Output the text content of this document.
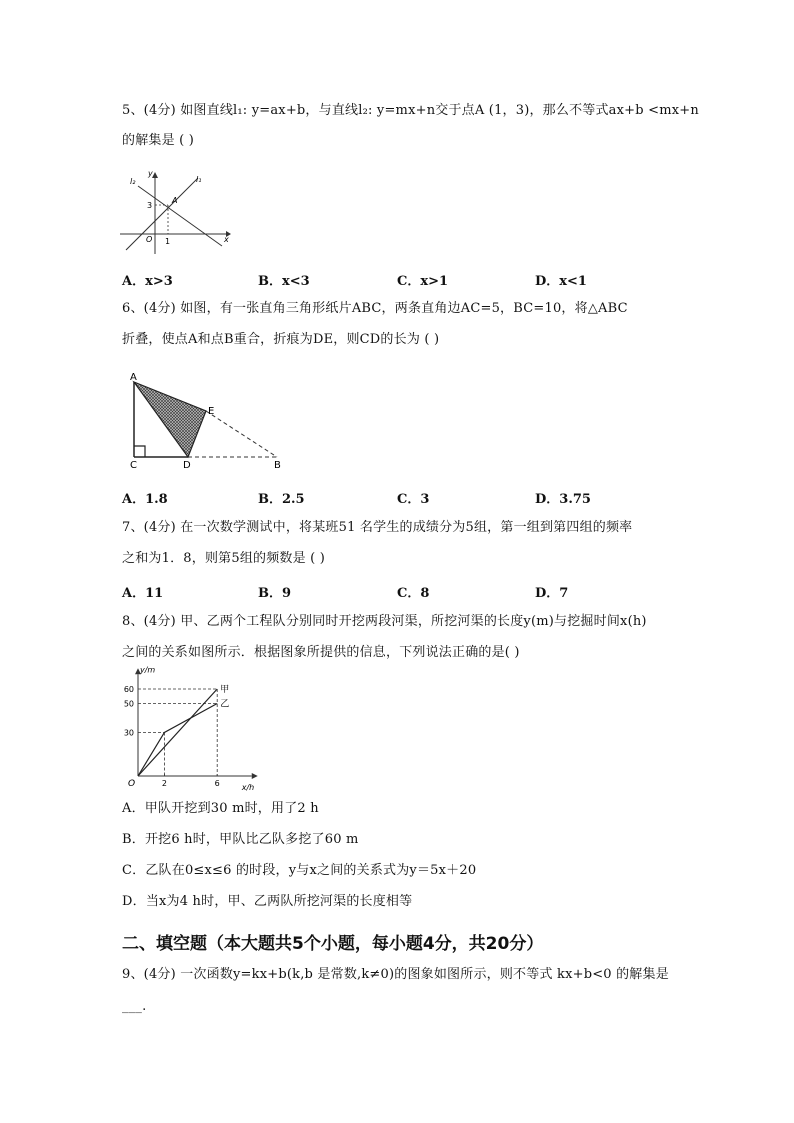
5、(4分) 如图直线l₁: y=ax+b，与直线l₂: y=mx+n交于点A (1，3)，那么不等式ax+b <mx+n
的解集是 ( )
l₂	l₁
y
x
O
A
3
1
A．x>3	B．x<3	C．x>1	D．x<1
6、(4分) 如图，有一张直角三角形纸片ABC，两条直角边AC=5，BC=10，将△ABC
折叠，使点A和点B重合，折痕为DE，则CD的长为 ( )
A
E
C	D	B
A．1.8	B．2.5	C．3	D．3.75
7、(4分) 在一次数学测试中，将某班51 名学生的成绩分为5组，第一组到第四组的频率
之和为1．8，则第5组的频数是 ( )
A．11	B．9	C．8	D．7
8、(4分) 甲、乙两个工程队分别同时开挖两段河渠，所挖河渠的长度y(m)与挖掘时间x(h)
之间的关系如图所示．根据图象所提供的信息，下列说法正确的是( )
y/m
x/h
O
甲
乙
30
50
60
2	6
A．甲队开挖到30 m时，用了2 h
B．开挖6 h时，甲队比乙队多挖了60 m
C．乙队在0≤x≤6 的时段，y与x之间的关系式为y＝5x＋20
D．当x为4 h时，甲、乙两队所挖河渠的长度相等
二、填空题（本大题共5个小题，每小题4分，共20分）
9、(4分) 一次函数y=kx+b(k,b 是常数,k≠0)的图象如图所示，则不等式 kx+b<0 的解集是
___.
